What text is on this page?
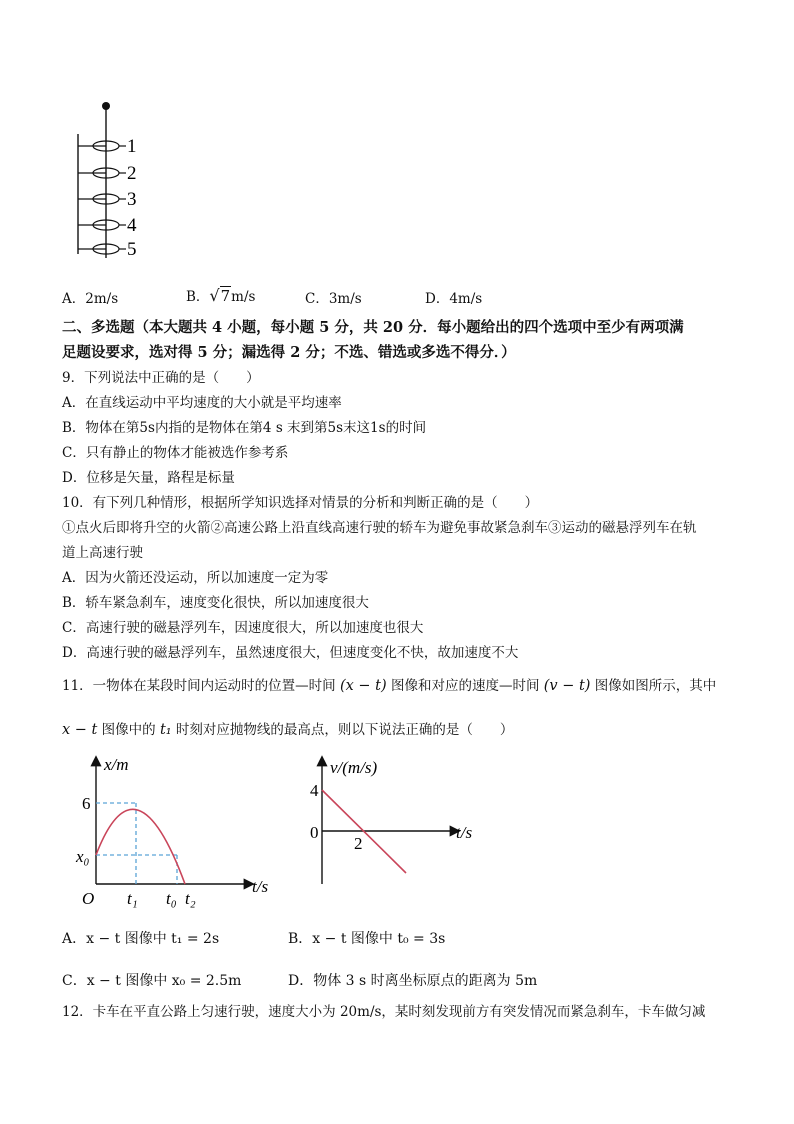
1
2
3
4
5
A．2m/s	B．√7m/s	C．3m/s	D．4m/s
二、多选题（本大题共 4 小题，每小题 5 分，共 20 分．每小题给出的四个选项中至少有两项满
足题设要求，选对得 5 分；漏选得 2 分；不选、错选或多选不得分．）
9．下列说法中正确的是（　　）
A．在直线运动中平均速度的大小就是平均速率
B．物体在第5s内指的是物体在第4 s 末到第5s末这1s的时间
C．只有静止的物体才能被选作参考系
D．位移是矢量，路程是标量
10．有下列几种情形，根据所学知识选择对情景的分析和判断正确的是（　　）
①点火后即将升空的火箭②高速公路上沿直线高速行驶的轿车为避免事故紧急刹车③运动的磁悬浮列车在轨
道上高速行驶
A．因为火箭还没运动，所以加速度一定为零
B．轿车紧急刹车，速度变化很快，所以加速度很大
C．高速行驶的磁悬浮列车，因速度很大，所以加速度也很大
D．高速行驶的磁悬浮列车，虽然速度很大，但速度变化不快，故加速度不大
11．一物体在某段时间内运动时的位置—时间 (x − t) 图像和对应的速度—时间 (v − t) 图像如图所示，其中
x − t 图像中的 t₁ 时刻对应抛物线的最高点，则以下说法正确的是（　　）
x/m
t/s
O
6
x₀
t₁ t₀ t₂
v/(m/s)
t/s
4
0
2
A．x − t 图像中 t₁ = 2s	B．x − t 图像中 t₀ = 3s
C．x − t 图像中 x₀ = 2.5m	D．物体 3 s 时离坐标原点的距离为 5m
12．卡车在平直公路上匀速行驶，速度大小为 20m/s，某时刻发现前方有突发情况而紧急刹车，卡车做匀减
